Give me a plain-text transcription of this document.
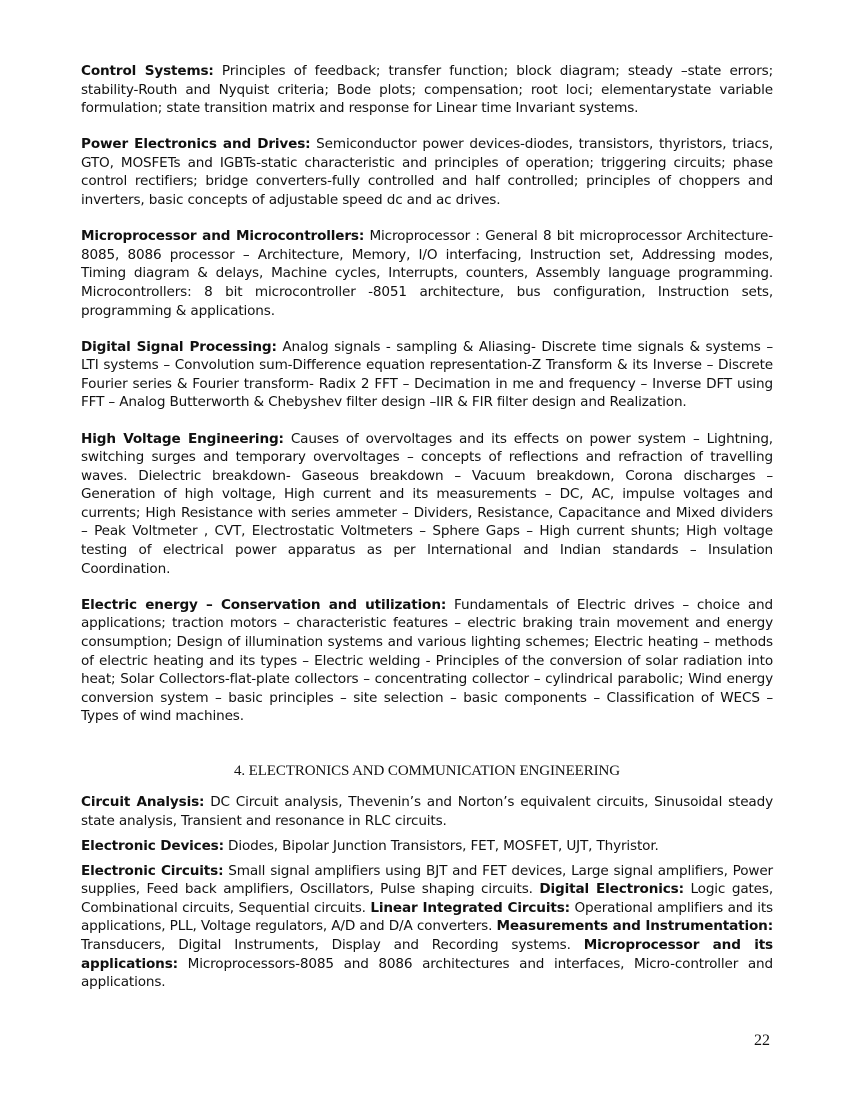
Control Systems: Principles of feedback; transfer function; block diagram; steady –state errors; stability-Routh and Nyquist criteria; Bode plots; compensation; root loci; elementarystate variable formulation; state transition matrix and response for Linear time Invariant systems.

Power Electronics and Drives: Semiconductor power devices-diodes, transistors, thyristors, triacs, GTO, MOSFETs and IGBTs-static characteristic and principles of operation; triggering circuits; phase control rectifiers; bridge converters-fully controlled and half controlled; principles of choppers and inverters, basic concepts of adjustable speed dc and ac drives.

Microprocessor and Microcontrollers: Microprocessor : General 8 bit microprocessor Architecture-8085, 8086 processor – Architecture, Memory, I/O interfacing, Instruction set, Addressing modes, Timing diagram & delays, Machine cycles, Interrupts, counters, Assembly language programming. Microcontrollers: 8 bit microcontroller -8051 architecture, bus configuration, Instruction sets, programming & applications.

Digital Signal Processing: Analog signals - sampling & Aliasing- Discrete time signals & systems – LTI systems – Convolution sum-Difference equation representation-Z Transform & its Inverse – Discrete Fourier series & Fourier transform- Radix 2 FFT – Decimation in me and frequency – Inverse DFT using FFT – Analog Butterworth & Chebyshev filter design –IIR & FIR filter design and Realization.

High Voltage Engineering: Causes of overvoltages and its effects on power system – Lightning, switching surges and temporary overvoltages – concepts of reflections and refraction of travelling waves. Dielectric breakdown- Gaseous breakdown – Vacuum breakdown, Corona discharges – Generation of high voltage, High current and its measurements – DC, AC, impulse voltages and currents; High Resistance with series ammeter – Dividers, Resistance, Capacitance and Mixed dividers – Peak Voltmeter , CVT, Electrostatic Voltmeters – Sphere Gaps – High current shunts; High voltage testing of electrical power apparatus as per International and Indian standards – Insulation Coordination.

Electric energy – Conservation and utilization: Fundamentals of Electric drives – choice and applications; traction motors – characteristic features – electric braking train movement and energy consumption; Design of illumination systems and various lighting schemes; Electric heating – methods of electric heating and its types – Electric welding - Principles of the conversion of solar radiation into heat; Solar Collectors-flat-plate collectors – concentrating collector – cylindrical parabolic; Wind energy conversion system – basic principles – site selection – basic components – Classification of WECS – Types of wind machines.

4. ELECTRONICS AND COMMUNICATION ENGINEERING

Circuit Analysis: DC Circuit analysis, Thevenin’s and Norton’s equivalent circuits, Sinusoidal steady state analysis, Transient and resonance in RLC circuits.

Electronic Devices: Diodes, Bipolar Junction Transistors, FET, MOSFET, UJT, Thyristor.

Electronic Circuits: Small signal amplifiers using BJT and FET devices, Large signal amplifiers, Power supplies, Feed back amplifiers, Oscillators, Pulse shaping circuits. Digital Electronics: Logic gates, Combinational circuits, Sequential circuits. Linear Integrated Circuits: Operational amplifiers and its applications, PLL, Voltage regulators, A/D and D/A converters. Measurements and Instrumentation: Transducers, Digital Instruments, Display and Recording systems. Microprocessor and its applications: Microprocessors-8085 and 8086 architectures and interfaces, Micro-controller and applications.

22
